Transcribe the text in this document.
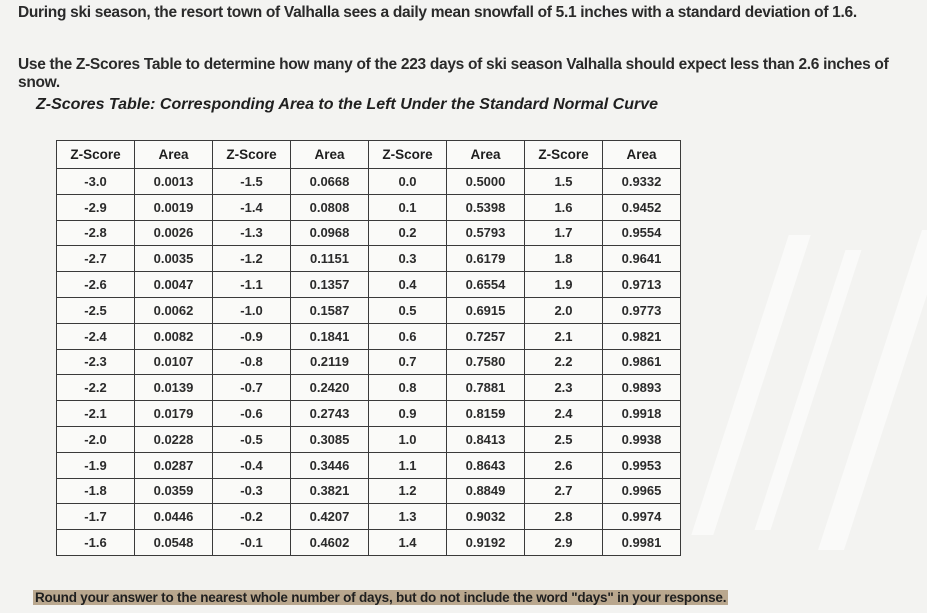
During ski season, the resort town of Valhalla sees a daily mean snowfall of 5.1 inches with a standard deviation of 1.6.
Use the Z-Scores Table to determine how many of the 223 days of ski season Valhalla should expect less than 2.6 inches of snow.
Z-Scores Table: Corresponding Area to the Left Under the Standard Normal Curve
Z-Score	Area	Z-Score	Area	Z-Score	Area	Z-Score	Area
-3.0	0.0013	-1.5	0.0668	0.0	0.5000	1.5	0.9332
-2.9	0.0019	-1.4	0.0808	0.1	0.5398	1.6	0.9452
-2.8	0.0026	-1.3	0.0968	0.2	0.5793	1.7	0.9554
-2.7	0.0035	-1.2	0.1151	0.3	0.6179	1.8	0.9641
-2.6	0.0047	-1.1	0.1357	0.4	0.6554	1.9	0.9713
-2.5	0.0062	-1.0	0.1587	0.5	0.6915	2.0	0.9773
-2.4	0.0082	-0.9	0.1841	0.6	0.7257	2.1	0.9821
-2.3	0.0107	-0.8	0.2119	0.7	0.7580	2.2	0.9861
-2.2	0.0139	-0.7	0.2420	0.8	0.7881	2.3	0.9893
-2.1	0.0179	-0.6	0.2743	0.9	0.8159	2.4	0.9918
-2.0	0.0228	-0.5	0.3085	1.0	0.8413	2.5	0.9938
-1.9	0.0287	-0.4	0.3446	1.1	0.8643	2.6	0.9953
-1.8	0.0359	-0.3	0.3821	1.2	0.8849	2.7	0.9965
-1.7	0.0446	-0.2	0.4207	1.3	0.9032	2.8	0.9974
-1.6	0.0548	-0.1	0.4602	1.4	0.9192	2.9	0.9981
Round your answer to the nearest whole number of days, but do not include the word "days" in your response.
